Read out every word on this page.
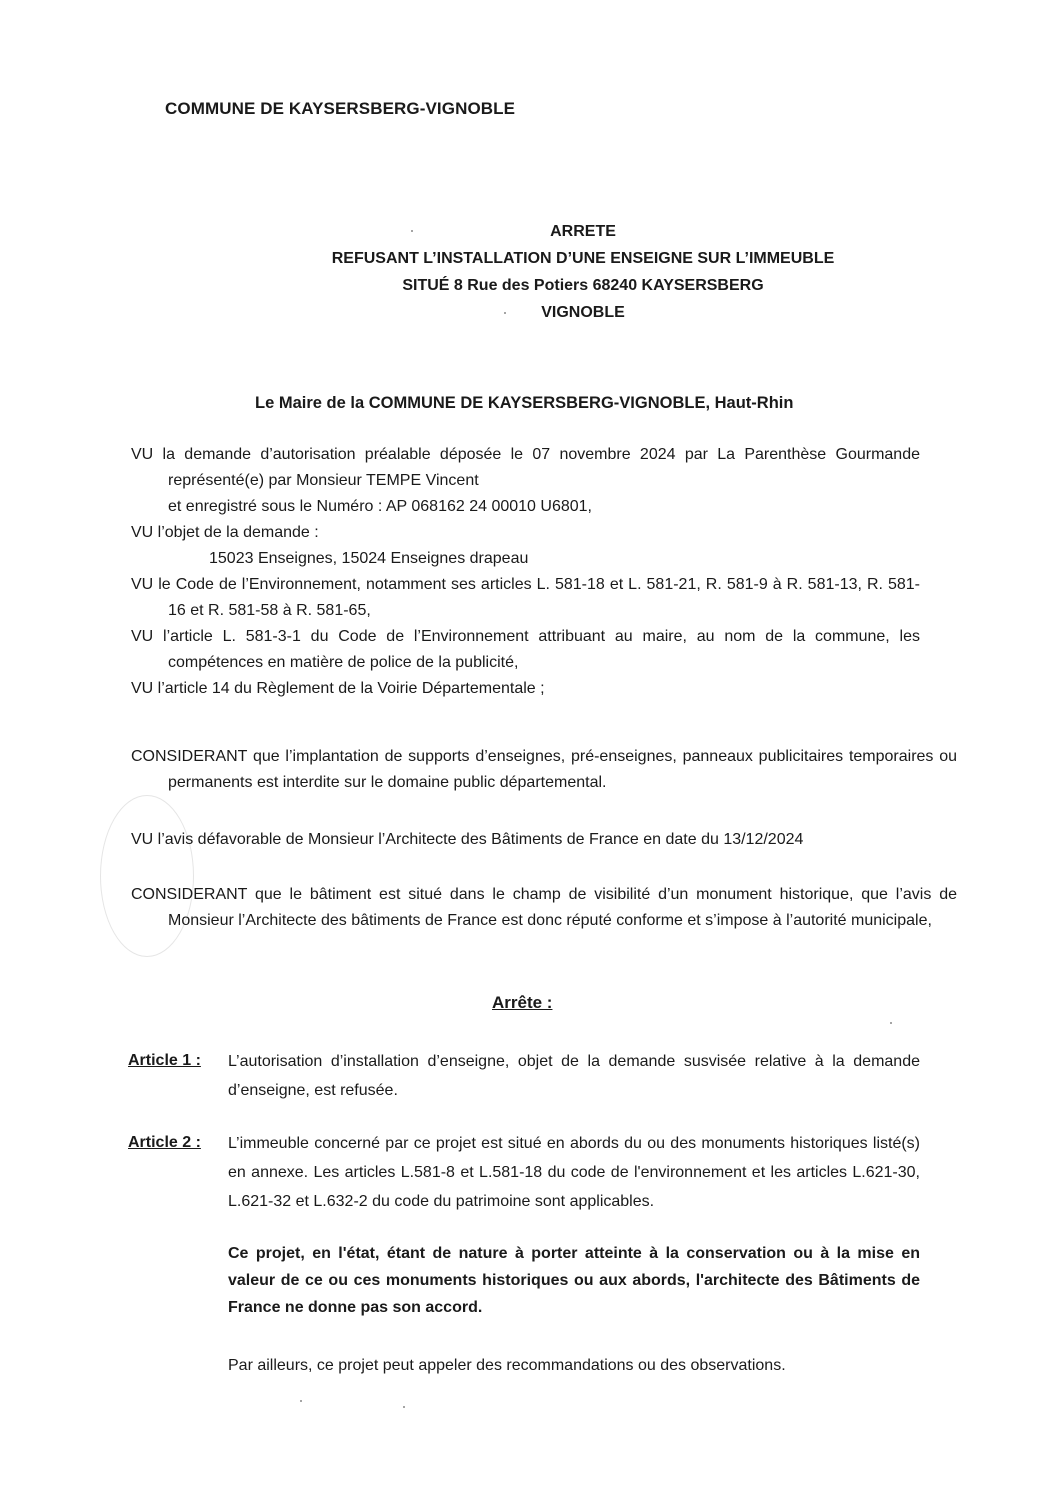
COMMUNE DE KAYSERSBERG-VIGNOBLE
ARRETE
REFUSANT L’INSTALLATION D’UNE ENSEIGNE SUR L’IMMEUBLE
SITUÉ 8 Rue des Potiers 68240 KAYSERSBERG
VIGNOBLE
Le Maire de la COMMUNE DE KAYSERSBERG-VIGNOBLE, Haut-Rhin
VU la demande d’autorisation préalable déposée le 07 novembre 2024 par La Parenthèse Gourmande représenté(e) par Monsieur TEMPE Vincent
et enregistré sous le Numéro : AP 068162 24 00010 U6801,
VU l’objet de la demande :
15023 Enseignes, 15024 Enseignes drapeau
VU le Code de l’Environnement, notamment ses articles L. 581-18 et L. 581-21, R. 581-9 à R. 581-13, R. 581-16 et R. 581-58 à R. 581-65,
VU l’article L. 581-3-1 du Code de l’Environnement attribuant au maire, au nom de la commune, les compétences en matière de police de la publicité,
VU l’article 14 du Règlement de la Voirie Départementale ;
CONSIDERANT que l’implantation de supports d’enseignes, pré-enseignes, panneaux publicitaires temporaires ou permanents est interdite sur le domaine public départemental.
VU l’avis défavorable de Monsieur l’Architecte des Bâtiments de France en date du 13/12/2024
CONSIDERANT que le bâtiment est situé dans le champ de visibilité d’un monument historique, que l’avis de Monsieur l’Architecte des bâtiments de France est donc réputé conforme et s’impose à l’autorité municipale,
Arrête :
Article 1 : L’autorisation d’installation d’enseigne, objet de la demande susvisée relative à la demande d’enseigne, est refusée.
Article 2 : L’immeuble concerné par ce projet est situé en abords du ou des monuments historiques listé(s) en annexe. Les articles L.581-8 et L.581-18 du code de l'environnement et les articles L.621-30, L.621-32 et L.632-2 du code du patrimoine sont applicables.
Ce projet, en l'état, étant de nature à porter atteinte à la conservation ou à la mise en valeur de ce ou ces monuments historiques ou aux abords, l'architecte des Bâtiments de France ne donne pas son accord.
Par ailleurs, ce projet peut appeler des recommandations ou des observations.
